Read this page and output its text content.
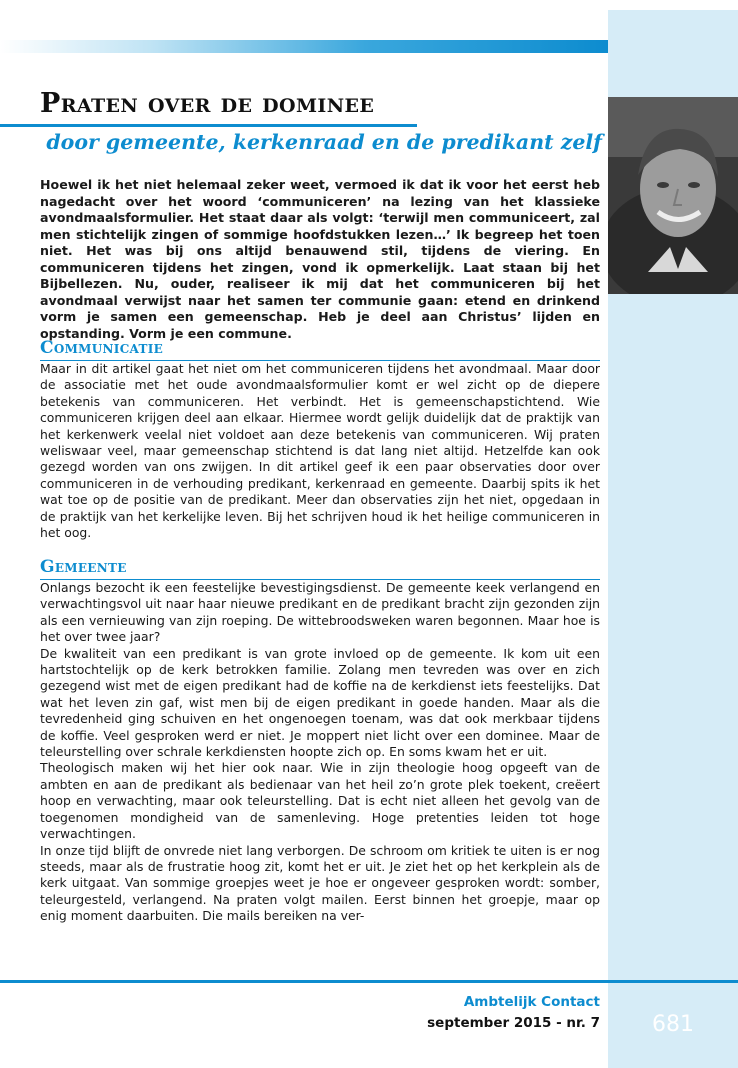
Praten over de dominee
door gemeente, kerkenraad en de predikant zelf

Hoewel ik het niet helemaal zeker weet, vermoed ik dat ik voor het eerst heb nagedacht over het woord ‘communiceren’ na lezing van het klassieke avondmaalsformulier. Het staat daar als volgt: ‘terwijl men communiceert, zal men stichtelijk zingen of sommige hoofdstukken lezen…’ Ik begreep het toen niet. Het was bij ons altijd benauwend stil, tijdens de viering. En communiceren tijdens het zingen, vond ik opmerkelijk. Laat staan bij het Bijbellezen. Nu, ouder, realiseer ik mij dat het communiceren bij het avondmaal verwijst naar het samen ter communie gaan: etend en drinkend vorm je samen een gemeenschap. Heb je deel aan Christus’ lijden en opstanding. Vorm je een commune.

Communicatie

Maar in dit artikel gaat het niet om het communiceren tijdens het avondmaal. Maar door de associatie met het oude avondmaalsformulier komt er wel zicht op de diepere betekenis van communiceren. Het verbindt. Het is gemeenschapstichtend. Wie communiceren krijgen deel aan elkaar. Hiermee wordt gelijk duidelijk dat de praktijk van het kerkenwerk veelal niet voldoet aan deze betekenis van communiceren. Wij praten weliswaar veel, maar gemeenschap stichtend is dat lang niet altijd. Hetzelfde kan ook gezegd worden van ons zwijgen. In dit artikel geef ik een paar observaties door over communiceren in de verhouding predikant, kerkenraad en gemeente. Daarbij spits ik het wat toe op de positie van de predikant. Meer dan observaties zijn het niet, opgedaan in de praktijk van het kerkelijke leven. Bij het schrijven houd ik het heilige communiceren in het oog.

Gemeente

Onlangs bezocht ik een feestelijke bevestigingsdienst. De gemeente keek verlangend en verwachtingsvol uit naar haar nieuwe predikant en de predikant bracht zijn gezonden zijn als een vernieuwing van zijn roeping. De wittebroodsweken waren begonnen. Maar hoe is het over twee jaar?

De kwaliteit van een predikant is van grote invloed op de gemeente. Ik kom uit een hartstochtelijk op de kerk betrokken familie. Zolang men tevreden was over en zich gezegend wist met de eigen predikant had de koffie na de kerkdienst iets feestelijks. Dat wat het leven zin gaf, wist men bij de eigen predikant in goede handen. Maar als die tevredenheid ging schuiven en het ongenoegen toenam, was dat ook merkbaar tijdens de koffie. Veel gesproken werd er niet. Je moppert niet licht over een dominee. Maar de teleurstelling over schrale kerkdiensten hoopte zich op. En soms kwam het er uit.

Theologisch maken wij het hier ook naar. Wie in zijn theologie hoog opgeeft van de ambten en aan de predikant als bedienaar van het heil zo’n grote plek toekent, creëert hoop en verwachting, maar ook teleurstelling. Dat is echt niet alleen het gevolg van de toegenomen mondigheid van de samenleving. Hoge pretenties leiden tot hoge verwachtingen.

In onze tijd blijft de onvrede niet lang verborgen. De schroom om kritiek te uiten is er nog steeds, maar als de frustratie hoog zit, komt het er uit. Je ziet het op het kerkplein als de kerk uitgaat. Van sommige groepjes weet je hoe er ongeveer gesproken wordt: somber, teleurgesteld, verlangend. Na praten volgt mailen. Eerst binnen het groepje, maar op enig moment daarbuiten. Die mails bereiken na ver-

Ambtelijk Contact

september 2015 - nr. 7	681
